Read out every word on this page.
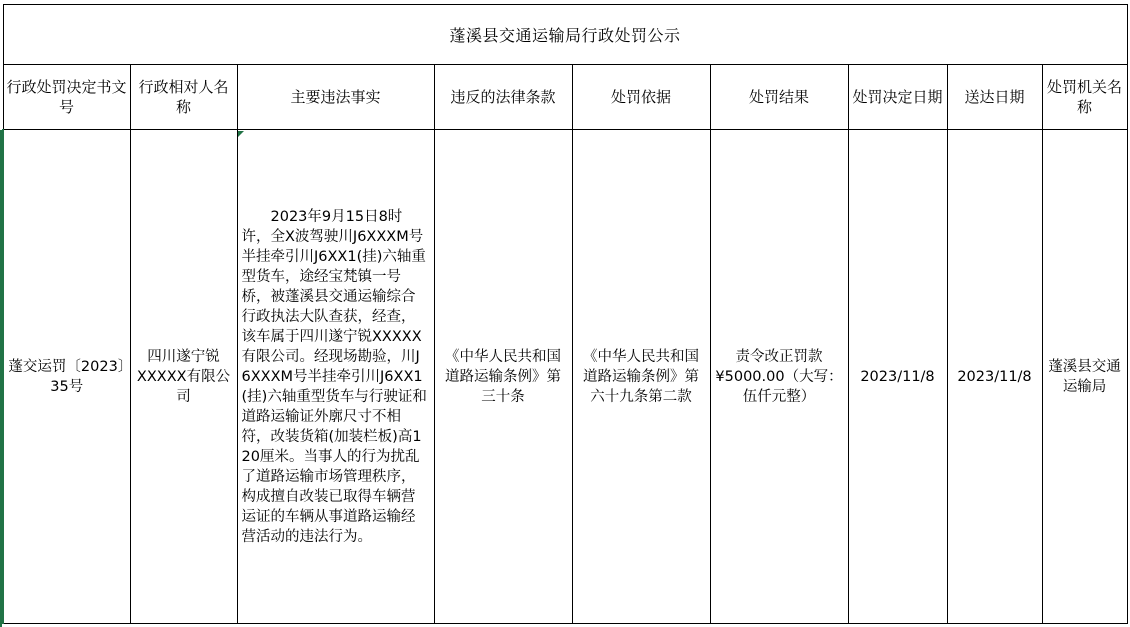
蓬溪县交通运输局行政处罚公示								
行政处罚决定书文号	行政相对人名称	主要违法事实	违反的法律条款	处罚依据	处罚结果	处罚决定日期	送达日期	处罚机关名称
蓬交运罚〔2023〕35号	四川遂宁锐XXXXX有限公司	2023年9月15日8时许，全X波驾驶川J6XXXM号半挂牵引川J6XX1(挂)六轴重型货车，途经宝梵镇一号桥，被蓬溪县交通运输综合行政执法大队查获，经查，该车属于四川遂宁锐XXXXX有限公司。经现场勘验，川J6XXXM号半挂牵引川J6XX1(挂)六轴重型货车与行驶证和道路运输证外廓尺寸不相符，改装货箱(加装栏板)高120厘米。当事人的行为扰乱了道路运输市场管理秩序，构成擅自改装已取得车辆营运证的车辆从事道路运输经营活动的违法行为。	《中华人民共和国道路运输条例》第三十条	《中华人民共和国道路运输条例》第六十九条第二款	责令改正罚款¥5000.00（大写：伍仟元整）	2023/11/8	2023/11/8	蓬溪县交通运输局
